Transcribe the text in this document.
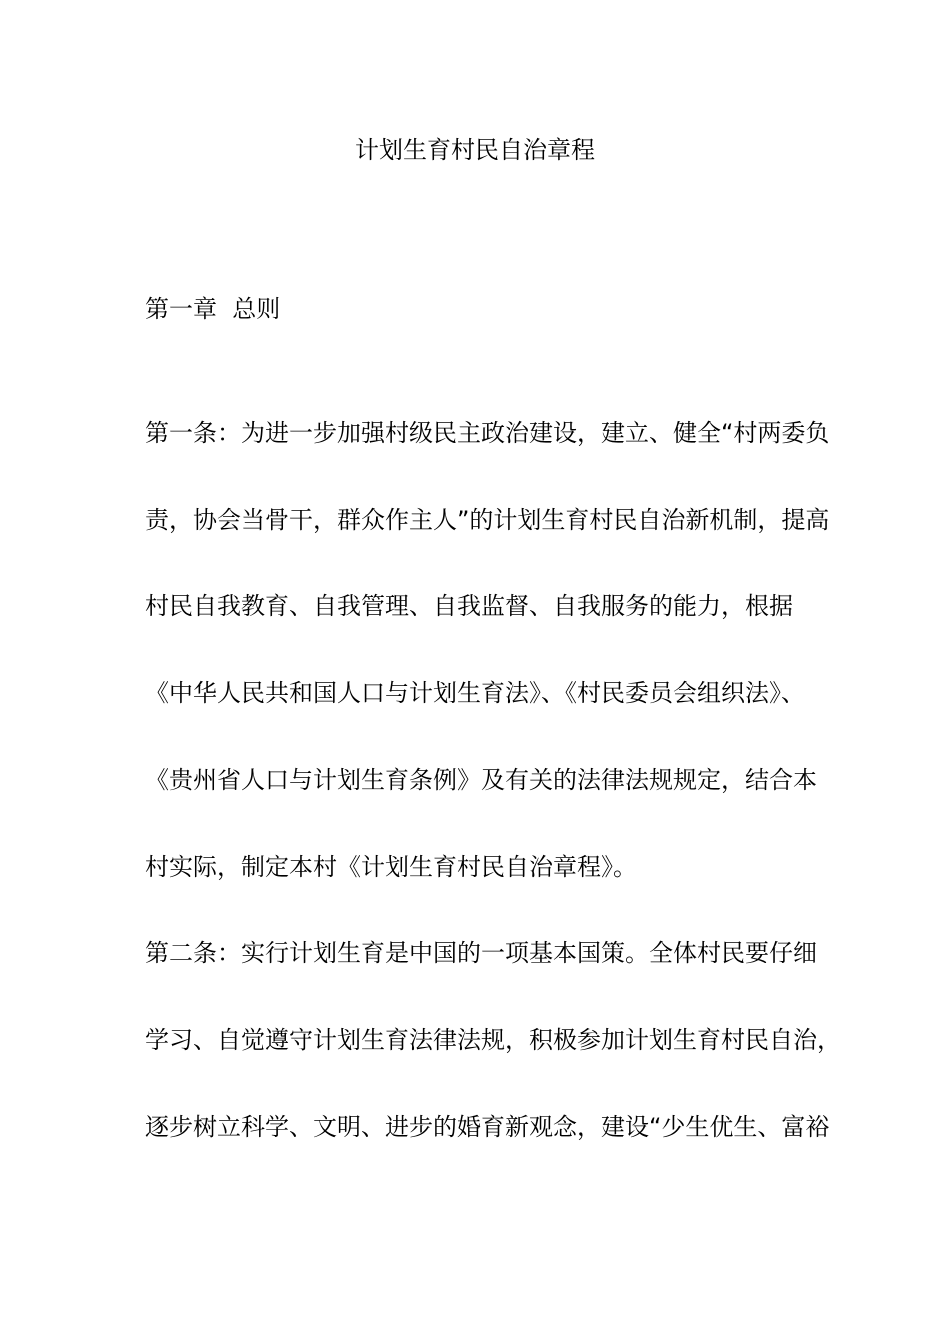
计划生育村民自治章程
第一章  总则
第一条：为进一步加强村级民主政治建设，建立、健全“村两委负
责，协会当骨干，群众作主人”的计划生育村民自治新机制，提高
村民自我教育、自我管理、自我监督、自我服务的能力，根据
《中华人民共和国人口与计划生育法》、《村民委员会组织法》、
《贵州省人口与计划生育条例》及有关的法律法规规定，结合本
村实际，制定本村《计划生育村民自治章程》。
第二条：实行计划生育是中国的一项基本国策。全体村民要仔细
学习、自觉遵守计划生育法律法规，积极参加计划生育村民自治，
逐步树立科学、文明、进步的婚育新观念，建设“少生优生、富裕
